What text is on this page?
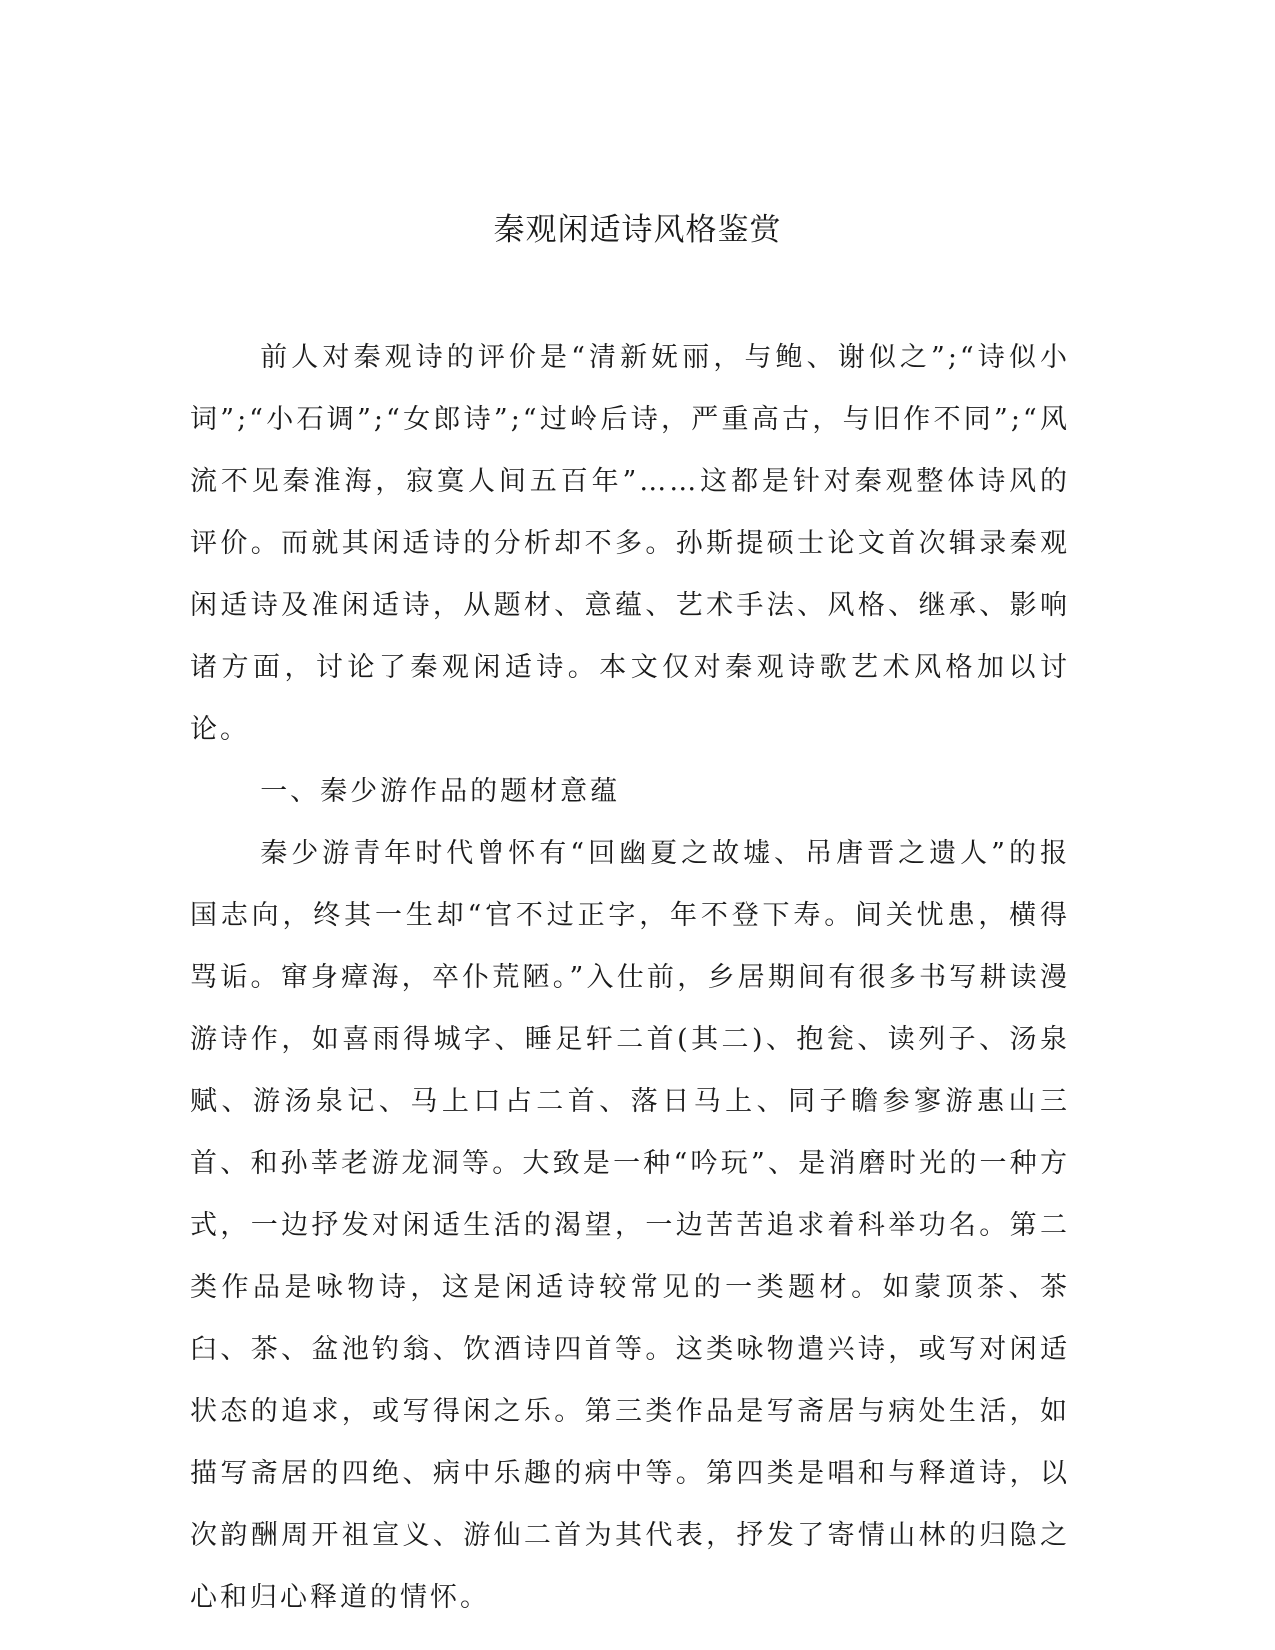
秦观闲适诗风格鉴赏

前人对秦观诗的评价是“清新妩丽，与鲍、谢似之”;“诗似小词”;“小石调”;“女郎诗”;“过岭后诗，严重高古，与旧作不同”;“风流不见秦淮海，寂寞人间五百年”……这都是针对秦观整体诗风的评价。而就其闲适诗的分析却不多。孙斯提硕士论文首次辑录秦观闲适诗及准闲适诗，从题材、意蕴、艺术手法、风格、继承、影响诸方面，讨论了秦观闲适诗。本文仅对秦观诗歌艺术风格加以讨论。

一、秦少游作品的题材意蕴

秦少游青年时代曾怀有“回幽夏之故墟、吊唐晋之遗人”的报国志向，终其一生却“官不过正字，年不登下寿。间关忧患，横得骂诟。窜身瘴海，卒仆荒陋。”入仕前，乡居期间有很多书写耕读漫游诗作，如喜雨得城字、睡足轩二首(其二)、抱瓮、读列子、汤泉赋、游汤泉记、马上口占二首、落日马上、同子瞻参寥游惠山三首、和孙莘老游龙洞等。大致是一种“吟玩”、是消磨时光的一种方式，一边抒发对闲适生活的渴望，一边苦苦追求着科举功名。第二类作品是咏物诗，这是闲适诗较常见的一类题材。如蒙顶茶、茶臼、茶、盆池钓翁、饮酒诗四首等。这类咏物遣兴诗，或写对闲适状态的追求，或写得闲之乐。第三类作品是写斋居与病处生活，如描写斋居的四绝、病中乐趣的病中等。第四类是唱和与释道诗，以次韵酬周开祖宣义、游仙二首为其代表，抒发了寄情山林的归隐之心和归心释道的情怀。
